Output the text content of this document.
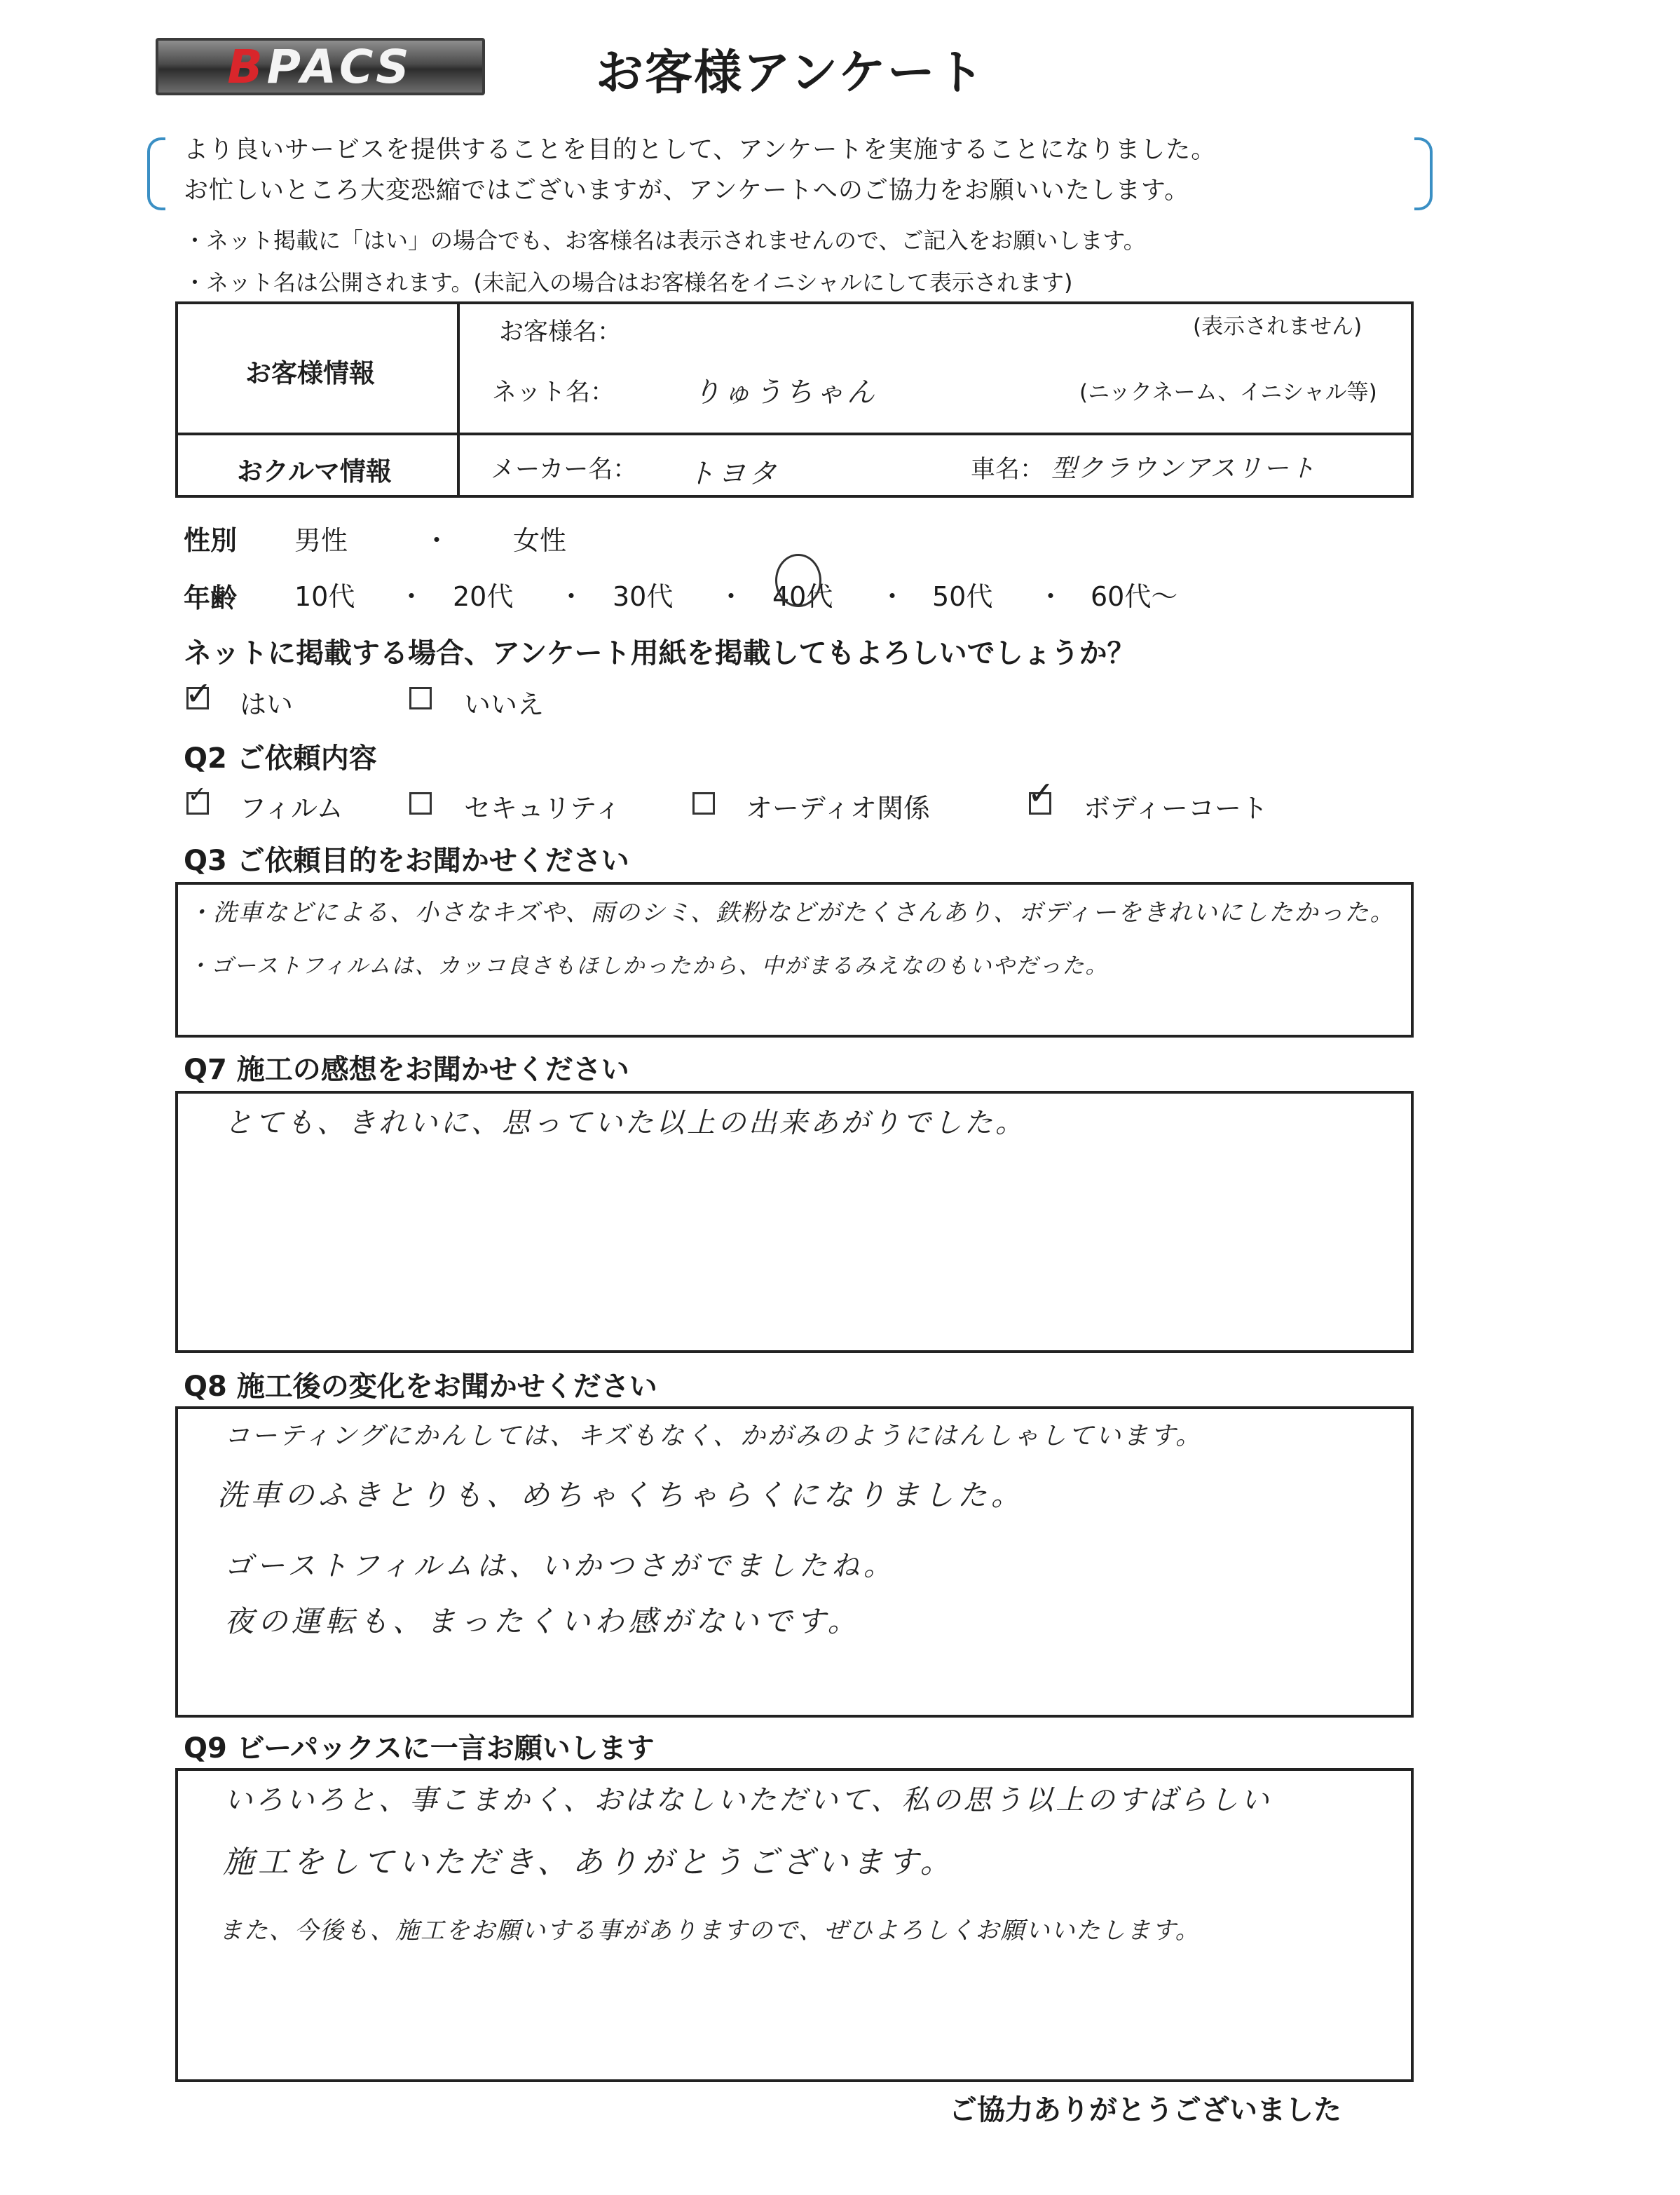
B PACS	お客様アンケート
より良いサービスを提供することを目的として、アンケートを実施することになりました。
お忙しいところ大変恐縮ではございますが、アンケートへのご協力をお願いいたします。
・ネット掲載に「はい」の場合でも、お客様名は表示されませんので、ご記入をお願いします。
・ネット名は公開されます。(未記入の場合はお客様名をイニシャルにして表示されます)
お客様情報
お客様名：	(表示されません)
ネット名：	りゅうちゃん	(ニックネーム、イニシャル等)
おクルマ情報	メーカー名： トヨタ	車名： 型クラウンアスリート
性別 男性	・ 女性
年齢 10代 ・ 20代 ・ 30代 ・ 40代 ・ 50代 ・ 60代〜
ネットに掲載する場合、アンケート用紙を掲載してもよろしいでしょうか？
✓ はい	いいえ
Q2 ご依頼内容
✓ フィルム	セキュリティ	オーディオ関係	✓ ボディーコート
Q3 ご依頼目的をお聞かせください
・洗車などによる、小さなキズや、雨のシミ、鉄粉などがたくさんあり、ボディーをきれいにしたかった。
・ゴーストフィルムは、カッコ良さもほしかったから、中がまるみえなのもいやだった。
Q7 施工の感想をお聞かせください
とても、きれいに、思っていた以上の出来あがりでした。
Q8 施工後の変化をお聞かせください
コーティングにかんしては、キズもなく、かがみのようにはんしゃしています。
洗車のふきとりも、めちゃくちゃらくになりました。
ゴーストフィルムは、いかつさがでましたね。
夜の運転も、まったくいわ感がないです。
Q9 ビーパックスに一言お願いします
いろいろと、事こまかく、おはなしいただいて、私の思う以上のすばらしい
施工をしていただき、ありがとうございます。
また、今後も、施工をお願いする事がありますので、ぜひよろしくお願いいたします。
ご協力ありがとうございました
